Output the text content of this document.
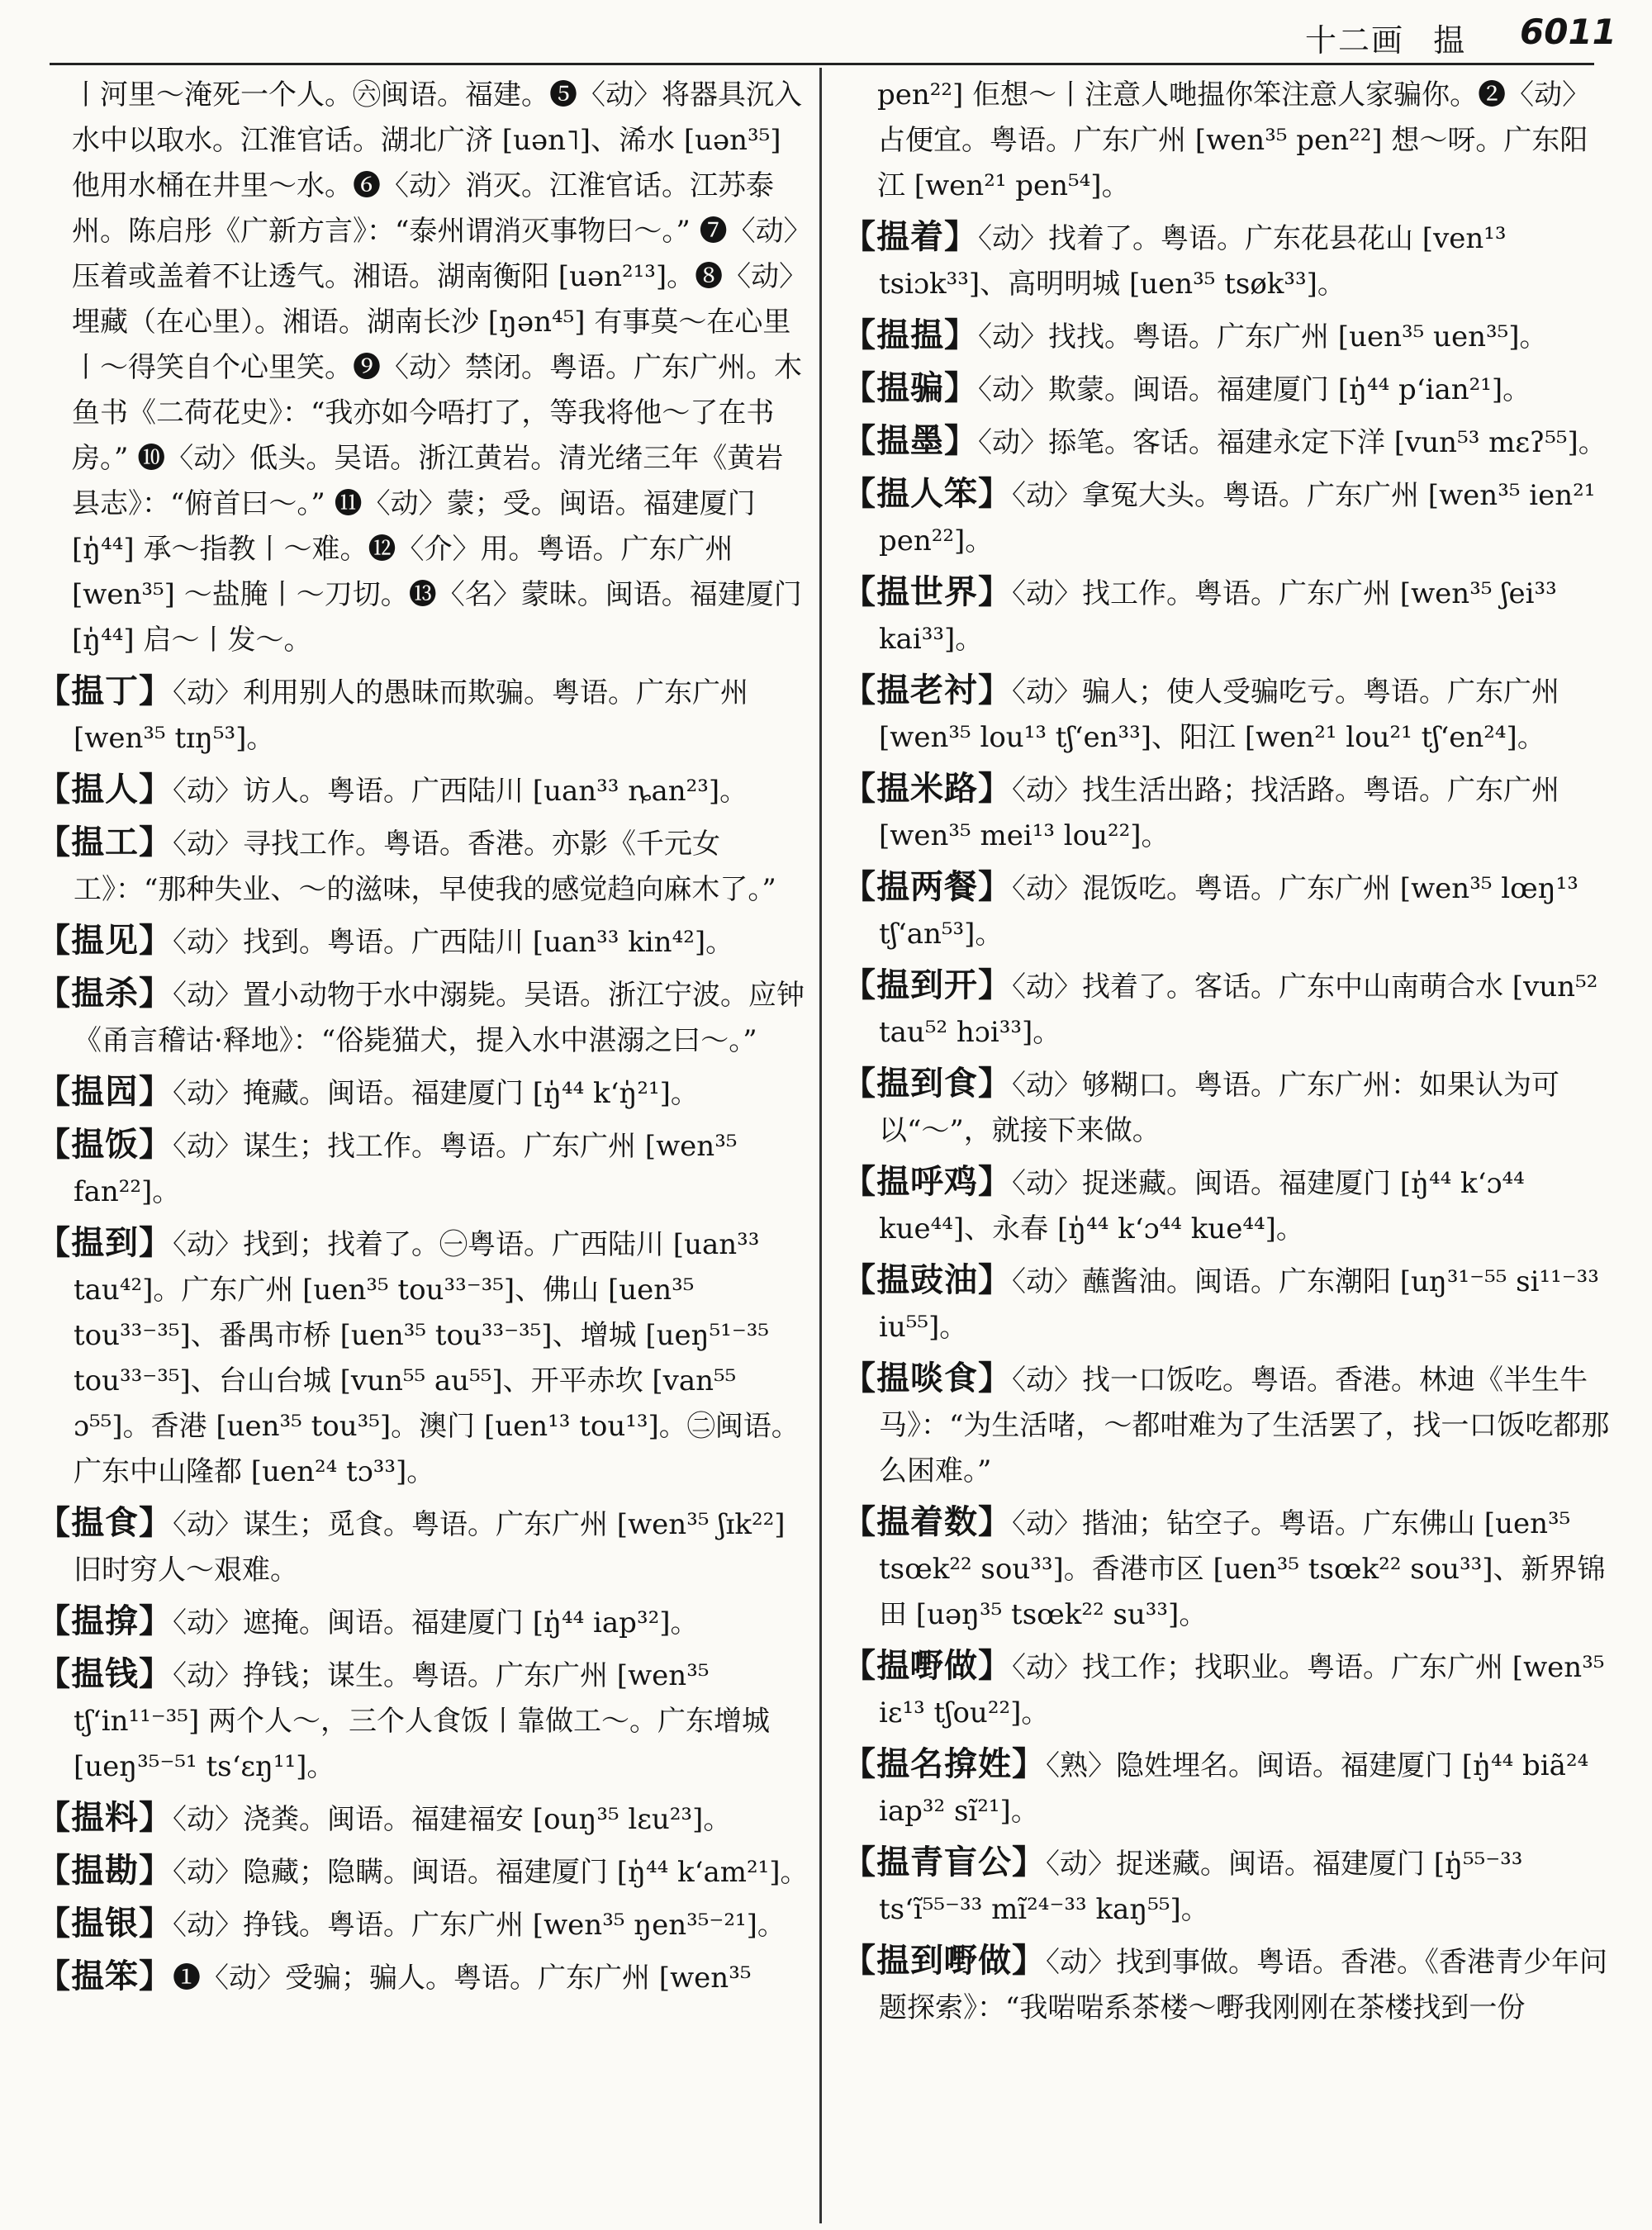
十二画 揾 6011
丨河里～淹死一个人。㊅闽语。福建。❺〈动〉将器具沉入水中以取水。江淮官话。湖北广济 [uən˥]、浠水 [uən³⁵] 他用水桶在井里～水。❻〈动〉消灭。江淮官话。江苏泰州。陈启彤《广新方言》：“泰州谓消灭事物曰～。” ❼〈动〉压着或盖着不让透气。湘语。湖南衡阳 [uən²¹³]。❽〈动〉埋藏（在心里）。湘语。湖南长沙 [ŋən⁴⁵] 有事莫～在心里丨～得笑自个心里笑。❾〈动〉禁闭。粤语。广东广州。木鱼书《二荷花史》：“我亦如今唔打了，等我将他～了在书房。” ❿〈动〉低头。吴语。浙江黄岩。清光绪三年《黄岩县志》：“俯首曰～。” ⓫〈动〉蒙；受。闽语。福建厦门 [ŋ̍⁴⁴] 承～指教丨～难。⓬〈介〉用。粤语。广东广州 [wen³⁵] ～盐腌丨～刀切。⓭〈名〉蒙昧。闽语。福建厦门 [ŋ̍⁴⁴] 启～丨发～。
【揾丁】〈动〉利用别人的愚昧而欺骗。粤语。广东广州 [wen³⁵ tɪŋ⁵³]。
【揾人】〈动〉访人。粤语。广西陆川 [uan³³ ȵan²³]。
【揾工】〈动〉寻找工作。粤语。香港。亦影《千元女工》：“那种失业、～的滋味，早使我的感觉趋向麻木了。”
【揾见】〈动〉找到。粤语。广西陆川 [uan³³ kin⁴²]。
【揾杀】〈动〉置小动物于水中溺毙。吴语。浙江宁波。应钟《甬言稽诂·释地》：“俗毙猫犬，提入水中湛溺之曰～。”
【揾囥】〈动〉掩藏。闽语。福建厦门 [ŋ̍⁴⁴ k‘ŋ̍²¹]。
【揾饭】〈动〉谋生；找工作。粤语。广东广州 [wen³⁵ fan²²]。
【揾到】〈动〉找到；找着了。㊀粤语。广西陆川 [uan³³ tau⁴²]。广东广州 [uen³⁵ tou³³⁻³⁵]、佛山 [uen³⁵ tou³³⁻³⁵]、番禺市桥 [uen³⁵ tou³³⁻³⁵]、增城 [ueŋ⁵¹⁻³⁵ tou³³⁻³⁵]、台山台城 [vun⁵⁵ au⁵⁵]、开平赤坎 [van⁵⁵ ɔ⁵⁵]。香港 [uen³⁵ tou³⁵]。澳门 [uen¹³ tou¹³]。㊁闽语。广东中山隆都 [uen²⁴ tɔ³³]。
【揾食】〈动〉谋生；觅食。粤语。广东广州 [wen³⁵ ʃɪk²²] 旧时穷人～艰难。
【揾揜】〈动〉遮掩。闽语。福建厦门 [ŋ̍⁴⁴ iap³²]。
【揾钱】〈动〉挣钱；谋生。粤语。广东广州 [wen³⁵ tʃ‘in¹¹⁻³⁵] 两个人～，三个人食饭丨靠做工～。广东增城 [ueŋ³⁵⁻⁵¹ ts‘ɛŋ¹¹]。
【揾料】〈动〉浇粪。闽语。福建福安 [ouŋ³⁵ lɛu²³]。
【揾勘】〈动〉隐藏；隐瞒。闽语。福建厦门 [ŋ̍⁴⁴ k‘am²¹]。
【揾银】〈动〉挣钱。粤语。广东广州 [wen³⁵ ŋen³⁵⁻²¹]。
【揾笨】❶〈动〉受骗；骗人。粤语。广东广州 [wen³⁵
pen²²] 佢想～丨注意人哋揾你笨注意人家骗你。❷〈动〉占便宜。粤语。广东广州 [wen³⁵ pen²²] 想～呀。广东阳江 [wen²¹ pen⁵⁴]。
【揾着】〈动〉找着了。粤语。广东花县花山 [ven¹³ tsiɔk³³]、高明明城 [uen³⁵ tsøk³³]。
【揾揾】〈动〉找找。粤语。广东广州 [uen³⁵ uen³⁵]。
【揾骗】〈动〉欺蒙。闽语。福建厦门 [ŋ̍⁴⁴ p‘ian²¹]。
【揾墨】〈动〉掭笔。客话。福建永定下洋 [vun⁵³ mɛʔ⁵⁵]。
【揾人笨】〈动〉拿冤大头。粤语。广东广州 [wen³⁵ ien²¹ pen²²]。
【揾世界】〈动〉找工作。粤语。广东广州 [wen³⁵ ʃei³³ kai³³]。
【揾老衬】〈动〉骗人；使人受骗吃亏。粤语。广东广州 [wen³⁵ lou¹³ tʃ‘en³³]、阳江 [wen²¹ lou²¹ tʃ‘en²⁴]。
【揾米路】〈动〉找生活出路；找活路。粤语。广东广州 [wen³⁵ mei¹³ lou²²]。
【揾两餐】〈动〉混饭吃。粤语。广东广州 [wen³⁵ lœŋ¹³ tʃ‘an⁵³]。
【揾到开】〈动〉找着了。客话。广东中山南萌合水 [vun⁵² tau⁵² hɔi³³]。
【揾到食】〈动〉够糊口。粤语。广东广州：如果认为可以“～”，就接下来做。
【揾呼鸡】〈动〉捉迷藏。闽语。福建厦门 [ŋ̍⁴⁴ k‘ɔ⁴⁴ kue⁴⁴]、永春 [ŋ̍⁴⁴ k‘ɔ⁴⁴ kue⁴⁴]。
【揾豉油】〈动〉蘸酱油。闽语。广东潮阳 [uŋ³¹⁻⁵⁵ si¹¹⁻³³ iu⁵⁵]。
【揾啖食】〈动〉找一口饭吃。粤语。香港。林迪《半生牛马》：“为生活啫，～都咁难为了生活罢了，找一口饭吃都那么困难。”
【揾着数】〈动〉揩油；钻空子。粤语。广东佛山 [uen³⁵ tsœk²² sou³³]。香港市区 [uen³⁵ tsœk²² sou³³]、新界锦田 [uəŋ³⁵ tsœk²² su³³]。
【揾嘢做】〈动〉找工作；找职业。粤语。广东广州 [wen³⁵ iɛ¹³ tʃou²²]。
【揾名揜姓】〈熟〉隐姓埋名。闽语。福建厦门 [ŋ̍⁴⁴ biã²⁴ iap³² sĩ²¹]。
【揾青盲公】〈动〉捉迷藏。闽语。福建厦门 [ŋ̍⁵⁵⁻³³ ts‘ĩ⁵⁵⁻³³ mĩ²⁴⁻³³ kaŋ⁵⁵]。
【揾到嘢做】〈动〉找到事做。粤语。香港。《香港青少年问题探索》：“我啱啱系茶楼～嘢我刚刚在茶楼找到一份
